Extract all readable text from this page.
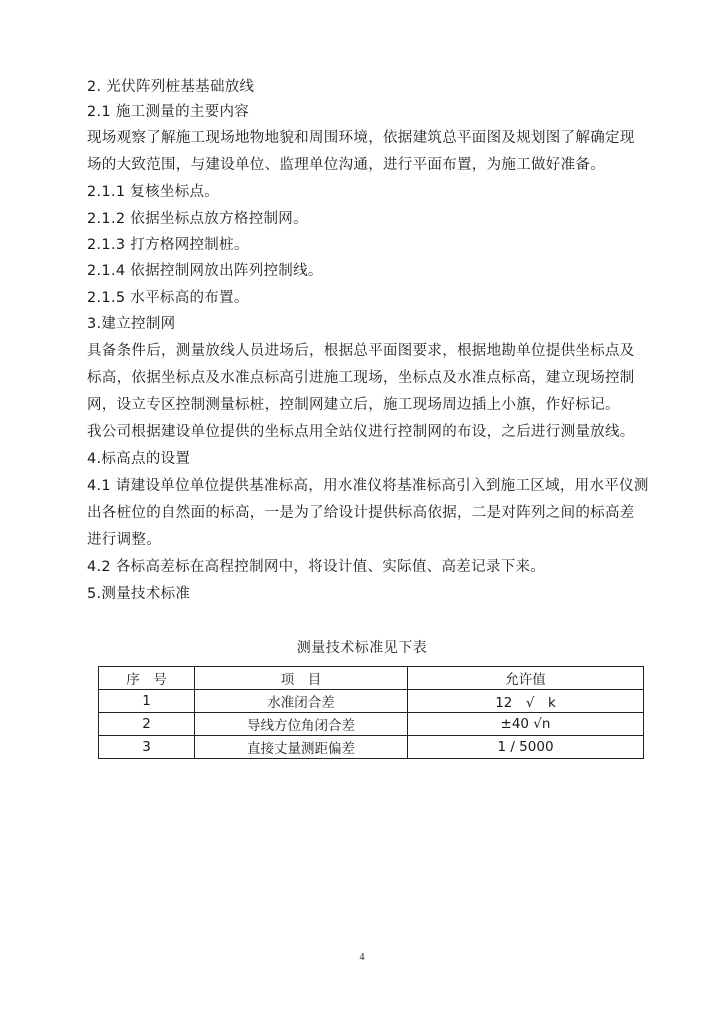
2. 光伏阵列桩基基础放线
2.1 施工测量的主要内容
现场观察了解施工现场地物地貌和周围环境，依据建筑总平面图及规划图了解确定现
场的大致范围，与建设单位、监理单位沟通，进行平面布置，为施工做好准备。
2.1.1 复核坐标点。
2.1.2 依据坐标点放方格控制网。
2.1.3 打方格网控制桩。
2.1.4 依据控制网放出阵列控制线。
2.1.5 水平标高的布置。
3.建立控制网
具备条件后，测量放线人员进场后，根据总平面图要求，根据地勘单位提供坐标点及
标高，依据坐标点及水准点标高引进施工现场，坐标点及水准点标高，建立现场控制
网，设立专区控制测量标桩，控制网建立后，施工现场周边插上小旗，作好标记。
我公司根据建设单位提供的坐标点用全站仪进行控制网的布设，之后进行测量放线。
4.标高点的设置
4.1 请建设单位单位提供基准标高，用水准仪将基准标高引入到施工区域，用水平仪测
出各桩位的自然面的标高，一是为了给设计提供标高依据，二是对阵列之间的标高差
进行调整。
4.2 各标高差标在高程控制网中，将设计值、实际值、高差记录下来。
5.测量技术标准
测量技术标准见下表
序　号	项　目	允许值
1	水准闭合差	12　√　k
2	导线方位角闭合差	±40 √n
3	直接丈量测距偏差	1 / 5000
4
